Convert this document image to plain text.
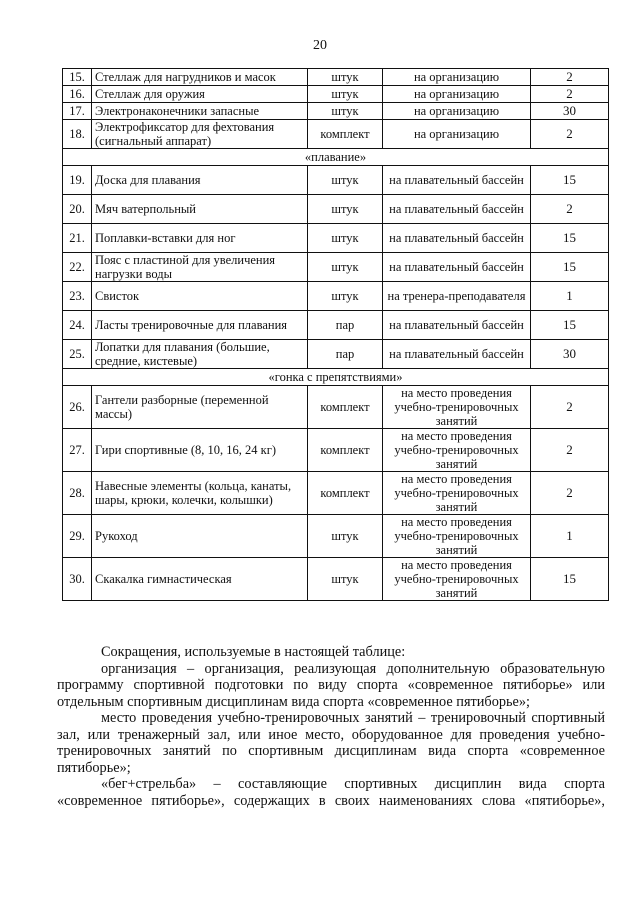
20
15.	Стеллаж для нагрудников и масок	штук	на организацию	2
16.	Стеллаж для оружия	штук	на организацию	2
17.	Электронаконечники запасные	штук	на организацию	30
18.	Электрофиксатор для фехтования (сигнальный аппарат)	комплект	на организацию	2
«плавание»				
19.	Доска для плавания	штук	на плавательный бассейн	15
20.	Мяч ватерпольный	штук	на плавательный бассейн	2
21.	Поплавки-вставки для ног	штук	на плавательный бассейн	15
22.	Пояс с пластиной для увеличения нагрузки воды	штук	на плавательный бассейн	15
23.	Свисток	штук	на тренера-преподавателя	1
24.	Ласты тренировочные для плавания	пар	на плавательный бассейн	15
25.	Лопатки для плавания (большие, средние, кистевые)	пар	на плавательный бассейн	30
«гонка с препятствиями»				
26.	Гантели разборные (переменной массы)	комплект	на место проведения учебно-тренировочных занятий	2
27.	Гири спортивные (8, 10, 16, 24 кг)	комплект	на место проведения учебно-тренировочных занятий	2
28.	Навесные элементы (кольца, канаты, шары, крюки, колечки, колышки)	комплект	на место проведения учебно-тренировочных занятий	2
29.	Рукоход	штук	на место проведения учебно-тренировочных занятий	1
30.	Скакалка гимнастическая	штук	на место проведения учебно-тренировочных занятий	15

Сокращения, используемые в настоящей таблице:

организация – организация, реализующая дополнительную образовательную программу спортивной подготовки по виду спорта «современное пятиборье» или отдельным спортивным дисциплинам вида спорта «современное пятиборье»;

место проведения учебно-тренировочных занятий – тренировочный спортивный зал, или тренажерный зал, или иное место, оборудованное для проведения учебно-тренировочных занятий по спортивным дисциплинам вида спорта «современное пятиборье»;

«бег+стрельба» – составляющие спортивных дисциплин вида спорта «современное пятиборье», содержащих в своих наименованиях слова «пятиборье»,
